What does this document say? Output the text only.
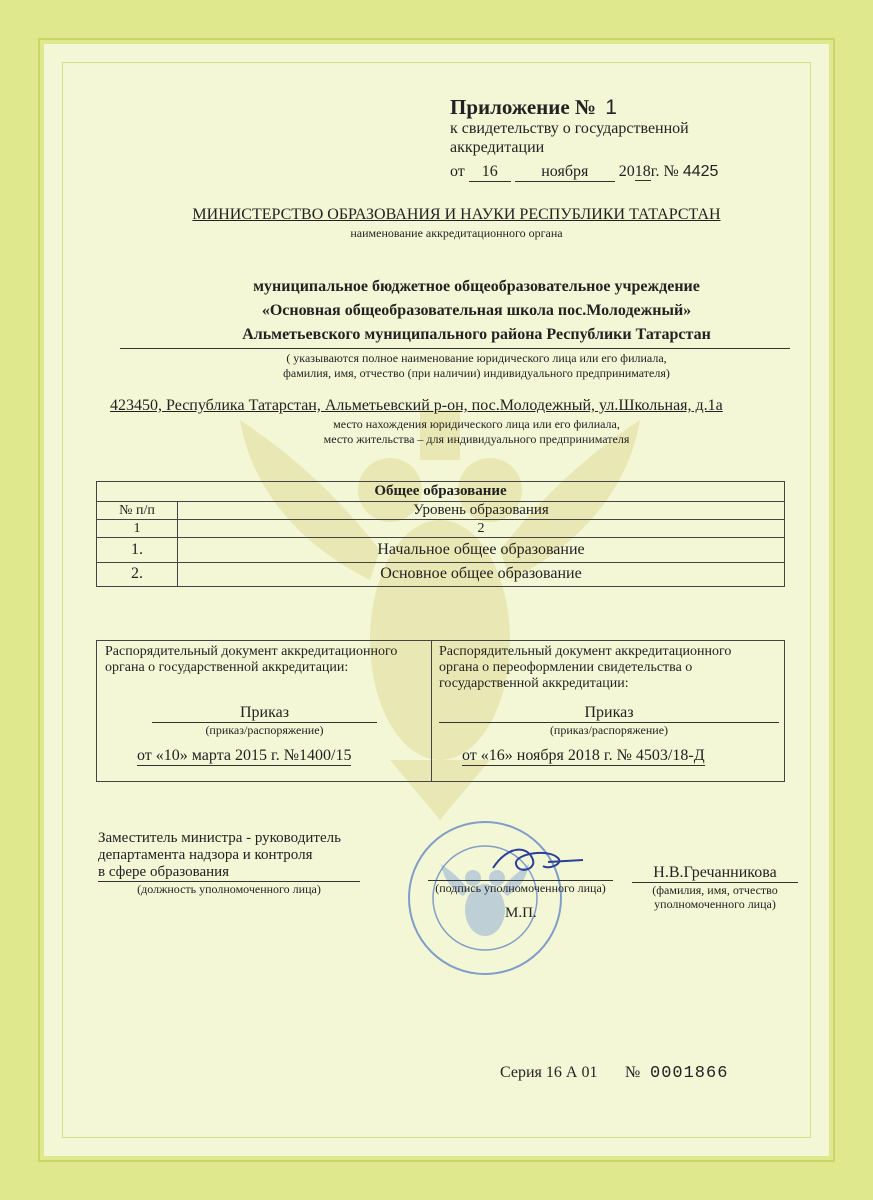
Приложение № 1
к свидетельству о государственной
аккредитации
от 16	ноября 2018г. № 4425
МИНИСТЕРСТВО ОБРАЗОВАНИЯ И НАУКИ РЕСПУБЛИКИ ТАТАРСТАН
наименование аккредитационного органа
муниципальное бюджетное общеобразовательное учреждение
«Основная общеобразовательная школа пос.Молодежный»
Альметьевского муниципального района Республики Татарстан
( указываются полное наименование юридического лица или его филиала,
фамилия, имя, отчество (при наличии) индивидуального предпринимателя)
423450, Республика Татарстан, Альметьевский р-он, пос.Молодежный, ул.Школьная, д.1а
место нахождения юридического лица или его филиала,
место жительства – для индивидуального предпринимателя
Общее образование	
№ п/п	Уровень образования
1	2
1.	Начальное общее образование
2.	Основное общее образование
Распорядительный документ аккредитационного
органа о государственной аккредитации:
Приказ
(приказ/распоряжение)
от «10» марта 2015 г. №1400/15
Распорядительный документ аккредитационного
органа о переоформлении свидетельства о
государственной аккредитации:
Приказ
(приказ/распоряжение)
от «16» ноября 2018 г. № 4503/18-Д
Заместитель министра - руководитель
департамента надзора и контроля
в сфере образования
(должность уполномоченного лица)	(подпись уполномоченного лица)
М.П.
Н.В.Гречанникова
(фамилия, имя, отчество
уполномоченного лица)
Серия 16 А 01 № 0001866
